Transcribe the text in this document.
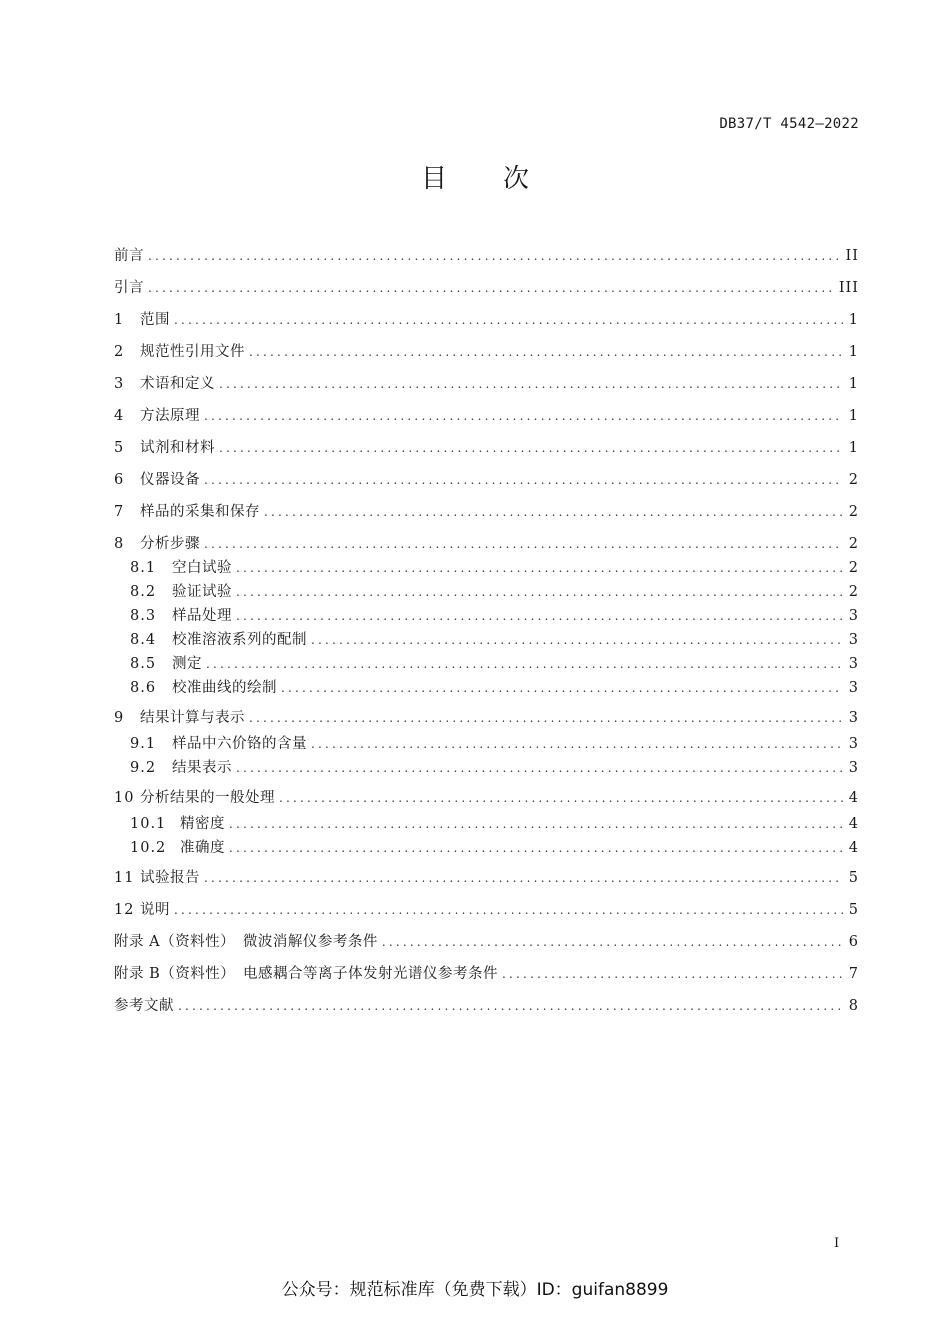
DB37/T 4542—2022
目次
前言 .....	II
引言 .....	III
1	范围 .....	1
2	规范性引用文件 .....	1
3	术语和定义 .....	1
4	方法原理 .....	1
5	试剂和材料 .....	1
6	仪器设备 .....	2
7	样品的采集和保存 .....	2
8	分析步骤 .....	2
8.1	空白试验 .....	2
8.2	验证试验 .....	2
8.3	样品处理 .....	3
8.4	校准溶液系列的配制 .....	3
8.5	测定 .....	3
8.6	校准曲线的绘制 .....	3
9	结果计算与表示 .....	3
9.1	样品中六价铬的含量 .....	3
9.2	结果表示 .....	3
10 分析结果的一般处理 .....	4
10.1 精密度 .....	4
10.2 准确度 .....	4
11 试验报告 .....	5
12 说明 .....	5
附录 A（资料性）　微波消解仪参考条件 .....	6
附录 B（资料性）　电感耦合等离子体发射光谱仪参考条件 .....	7
参考文献 .....	8
I
公众号：规范标准库（免费下载）ID：guifan8899
